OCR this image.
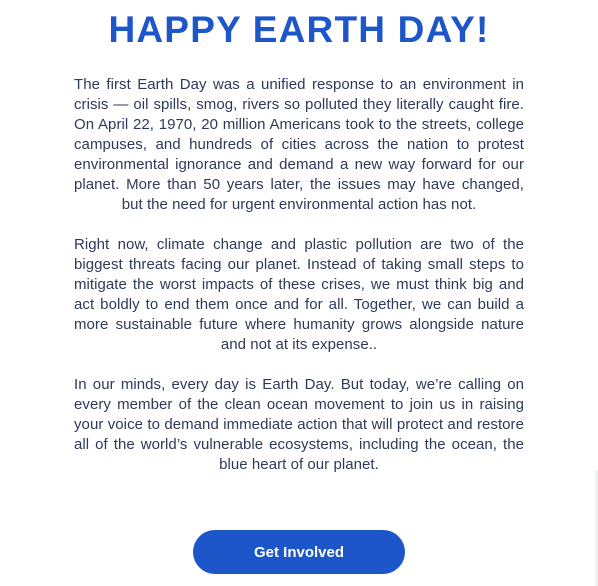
HAPPY EARTH DAY!

The first Earth Day was a unified response to an environment in crisis — oil spills, smog, rivers so polluted they literally caught fire. On April 22, 1970, 20 million Americans took to the streets, college campuses, and hundreds of cities across the nation to protest environmental ignorance and demand a new way forward for our planet. More than 50 years later, the issues may have changed, but the need for urgent environmental action has not.

Right now, climate change and plastic pollution are two of the biggest threats facing our planet. Instead of taking small steps to mitigate the worst impacts of these crises, we must think big and act boldly to end them once and for all. Together, we can build a more sustainable future where humanity grows alongside nature and not at its expense..

In our minds, every day is Earth Day. But today, we’re calling on every member of the clean ocean movement to join us in raising your voice to demand immediate action that will protect and restore all of the world’s vulnerable ecosystems, including the ocean, the blue heart of our planet.

Get Involved
